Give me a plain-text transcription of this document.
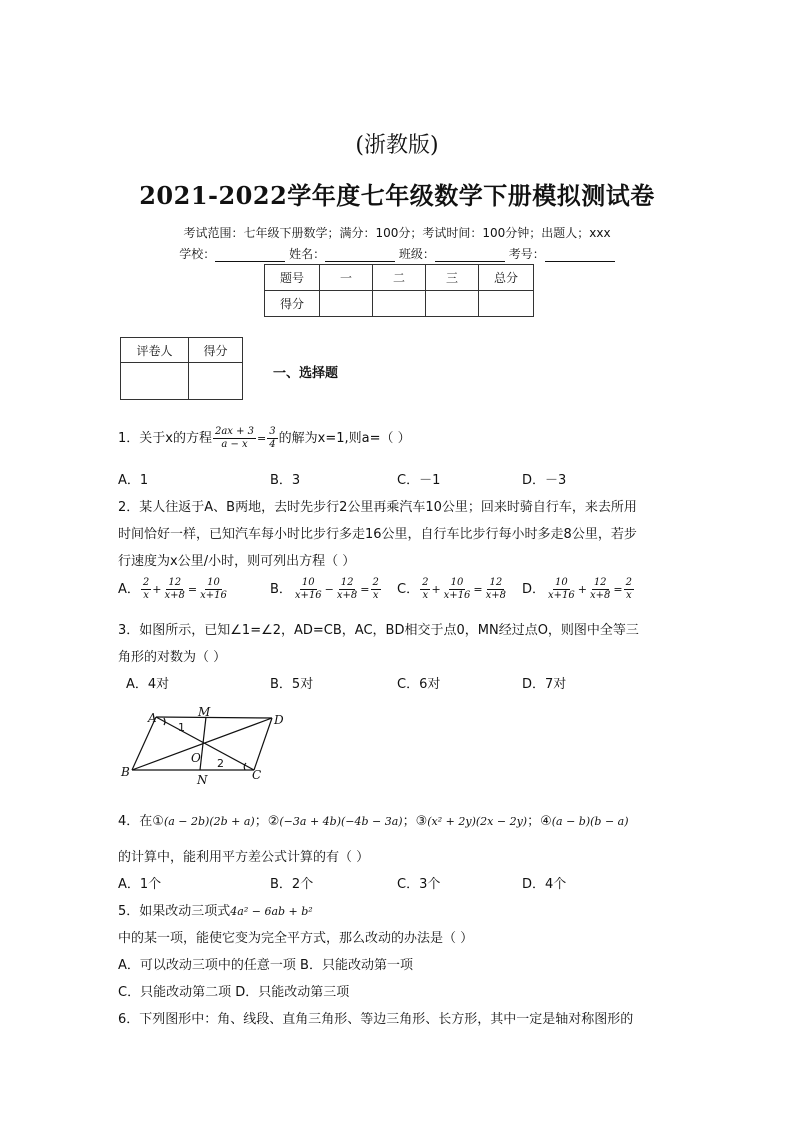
(浙教版)
2021-2022学年度七年级数学下册模拟测试卷
考试范围：七年级下册数学；满分：100分；考试时间：100分钟；出题人；xxx
学校：	姓名：	班级：	考号：
题号	一	二	三	总分
得分				
评卷人	得分

一、选择题
1．关于x的方程 $\frac{2ax + 3}{a - x} = \frac{3}{4}$ 的解为x=1,则a=（ ）
A．1	B．3	C．－1	D．－3
2．某人往返于A、B两地，去时先步行2公里再乘汽车10公里；回来时骑自行车，来去所用
时间恰好一样，已知汽车每小时比步行多走16公里，自行车比步行每小时多走8公里，若步
行速度为x公里/小时，则可列出方程（ ）
A． $\frac{2}{x} + \frac{12}{x+8} = \frac{10}{x+16}$	B． $\frac{10}{x+16} - \frac{12}{x+8} = \frac{2}{x}$ C． $\frac{2}{x} + \frac{10}{x+16} = \frac{12}{x+8}$ D． $\frac{10}{x+16} + \frac{12}{x+8} = \frac{2}{x}$
3．如图所示，已知∠1=∠2，AD=CB，AC，BD相交于点0，MN经过点O，则图中全等三
角形的对数为（ ）
A．4对	B．5对	C．6对	D．7对
A	M
D
O
B
N	C
1
2
4．在①(a − 2b)(2b + a)；②(−3a + 4b)(−4b − 3a)；③(x² + 2y)(2x − 2y)；④(a − b)(b − a)
的计算中，能利用平方差公式计算的有（ ）
A．1个	B．2个	C．3个	D．4个
5．如果改动三项式4a² − 6ab + b²
中的某一项，能使它变为完全平方式，那么改动的办法是（ ）
A．可以改动三项中的任意一项 B．只能改动第一项
C．只能改动第二项 D．只能改动第三项
6．下列图形中：角、线段、直角三角形、等边三角形、长方形，其中一定是轴对称图形的
